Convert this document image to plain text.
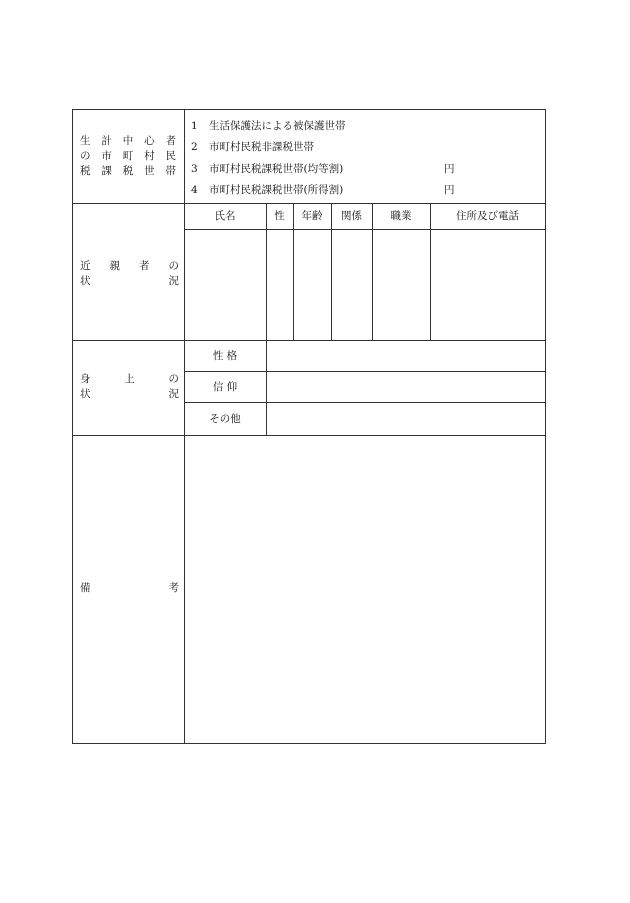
生 計 中 心 者
の 市 町 村 民
税 課 税 世 帯
1 生活保護法による被保護世帯
2 市町村民税非課税世帯
3 市町村民税課税世帯(均等割)	円
4 市町村民税課税世帯(所得割)	円
近 親 者 の
状	況
氏名	性	年齢	関係	職業	住所及び電話
身	上	の
状	況
性 格
信 仰
その他
備	考
